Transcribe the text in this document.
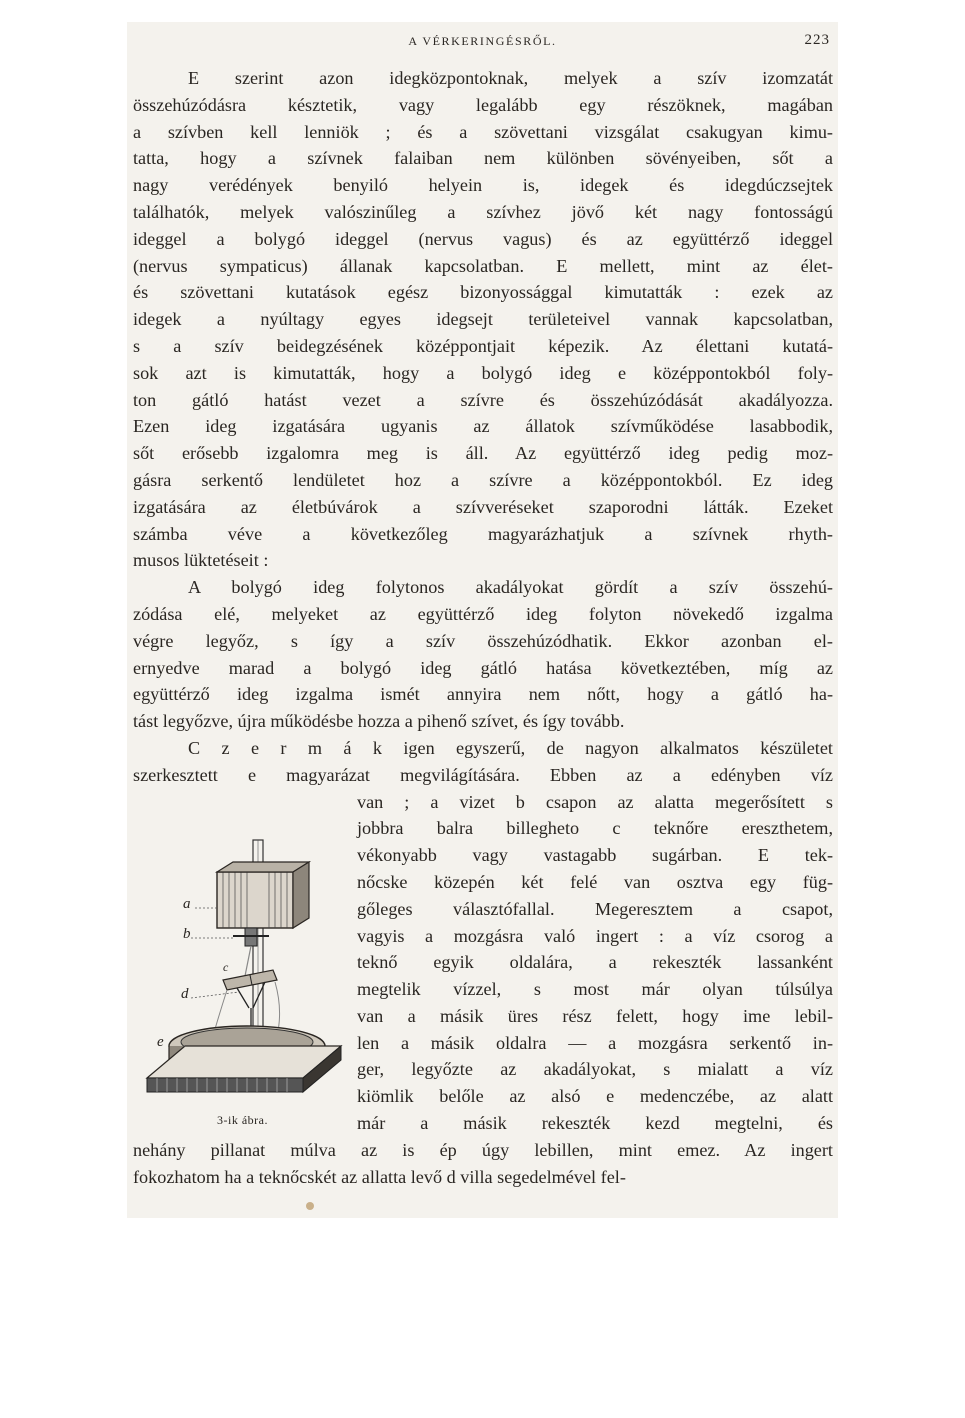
A VÉRKERINGÉSRŐL.	223
E szerint azon idegközpontoknak, melyek a szív izomzatát
összehúzódásra késztetik, vagy legalább egy részöknek, magában
a szívben kell lenniök ; és a szövettani vizsgálat csakugyan kimu-
tatta, hogy a szívnek falaiban nem különben sövényeiben, sőt a
nagy verédények benyiló helyein is, idegek és idegdúczsejtek
találhatók, melyek valószinűleg a szívhez jövő két nagy fontosságú
ideggel a bolygó ideggel (nervus vagus) és az együttérző ideggel
(nervus sympaticus) állanak kapcsolatban. E mellett, mint az élet-
és szövettani kutatások egész bizonyossággal kimutatták : ezek az
idegek a nyúltagy egyes idegsejt területeivel vannak kapcsolatban,
s a szív beidegzésének középpontjait képezik. Az élettani kutatá-
sok azt is kimutatták, hogy a bolygó ideg e középpontokból foly-
ton gátló hatást vezet a szívre és összehúzódását akadályozza.
Ezen ideg izgatására ugyanis az állatok szívműködése lasabbodik,
sőt erősebb izgalomra meg is áll. Az együttérző ideg pedig moz-
gásra serkentő lendületet hoz a szívre a középpontokból. Ez ideg
izgatására az életbúvárok a szívveréseket szaporodni látták. Ezeket
számba véve a következőleg magyarázhatjuk a szívnek rhyth-
musos lüktetéseit :
A bolygó ideg folytonos akadályokat gördít a szív összehú-
zódása elé, melyeket az együttérző ideg folyton növekedő izgalma
végre legyőz, s így a szív összehúzódhatik. Ekkor azonban el-
ernyedve marad a bolygó ideg gátló hatása következtében, míg az
együttérző ideg izgalma ismét annyira nem nőtt, hogy a gátló ha-
tást legyőzve, újra működésbe hozza a pihenő szívet, és így tovább.
C z e r m á k igen egyszerű, de nagyon alkalmatos készületet
szerkesztett e magyarázat megvilágítására. Ebben az a edényben víz
van ; a vizet b csapon az alatta megerősített s
jobbra balra billegheto c teknőre ereszthetem,
vékonyabb vagy vastagabb sugárban. E tek-
nőcske közepén két felé van osztva egy füg-
gőleges választófallal. Megeresztem a csapot,
vagyis a mozgásra való ingert : a víz csorog a
teknő egyik oldalára, a rekeszték lassanként
megtelik vízzel, s most már olyan túlsúlya
van a másik üres rész felett, hogy ime lebil-
len a másik oldalra — a mozgásra serkentő in-
ger, legyőzte az akadályokat, s mialatt a víz
kiömlik belőle az alsó e medenczébe, az alatt
már a másik rekeszték kezd megtelni, és
nehány pillanat múlva az is ép úgy lebillen, mint emez. Az ingert
fokozhatom ha a teknőcskét az allatta levő d villa segedelmével fel-
a
b
c
d
e
3-ik ábra.
